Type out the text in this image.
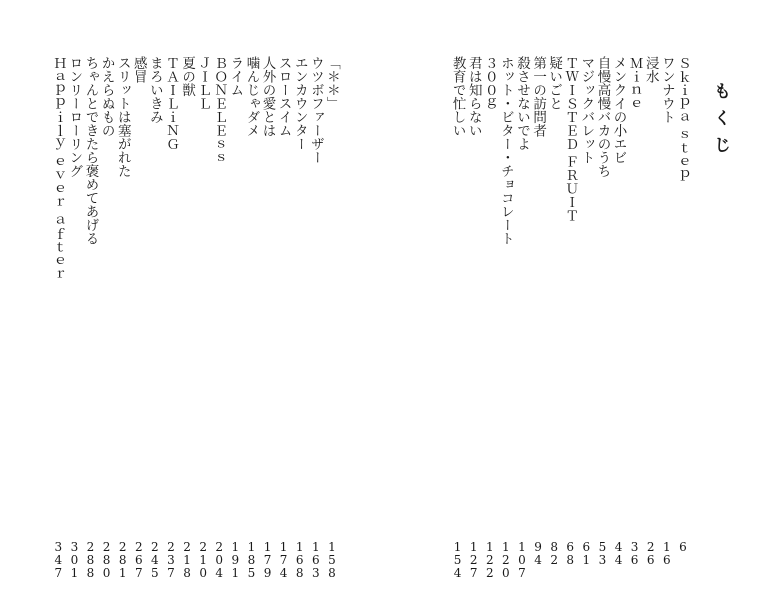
もくじ
Ｓｋｉｐａ ｓｔｅｐ
6
ワンナウト
16
浸水
26
Ｍｉｎｅ
36
メンクイの小エビ
44
自慢高慢バカのうち
53
マジックバレット
61
ＴＷＩＳＴＥＤ ＦＲＵＩＴ
68
疑いごと
82
第一の訪問者
94
殺させないでよ
107
ホット・ビター・チョコレート
120
３００ｇ
122
君は知らない
127
教育で忙しい
154
「＊＊」
158
ウツボファーザー
163
エンカウンター
168
スロースイム
174
人外の愛とは
179
噛んじゃダメ
185
ライム
191
ＢＯＮＥＬＥｓｓ
204
ＪＩＬＬ
210
夏の獣
218
ＴＡＩＬｉＮＧ
237
まろいきみ
245
感冒
267
スリットは塞がれた
281
かえらぬもの
280
ちゃんとできたら褒めてあげる
288
ロンリーローリング
301
Ｈａｐｐｉｌｙ ｅｖｅｒ ａｆｔｅｒ
347
